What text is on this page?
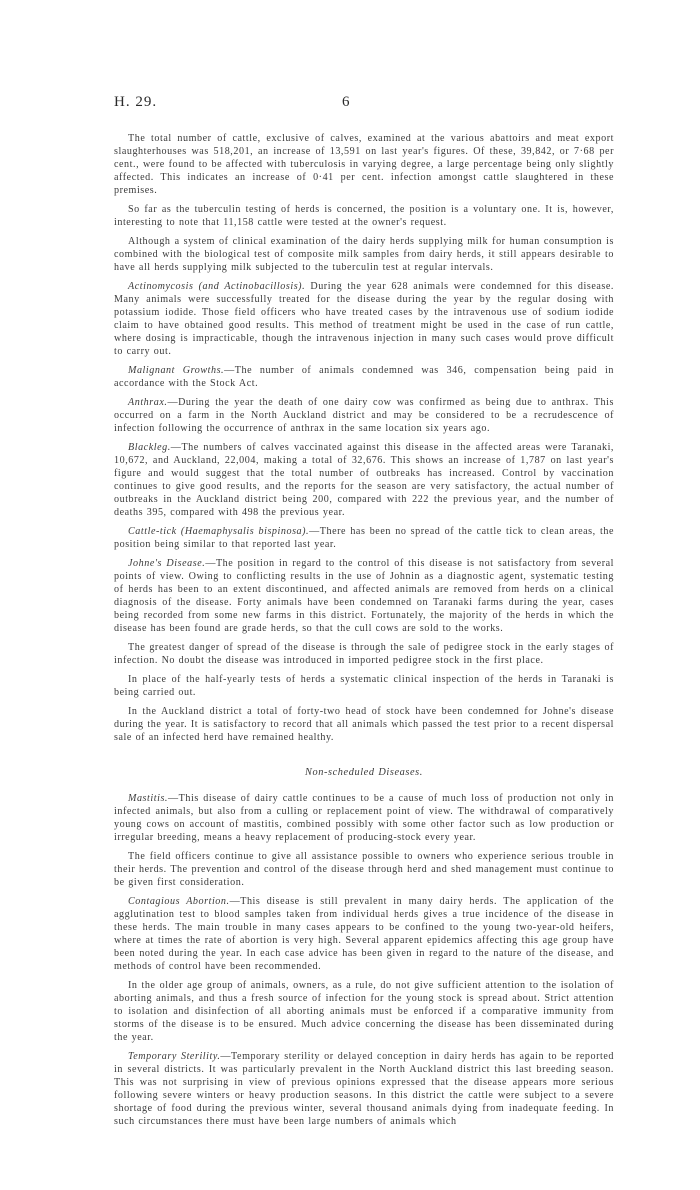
H. 29.	6

The total number of cattle, exclusive of calves, examined at the various abattoirs and meat export slaughterhouses was 518,201, an increase of 13,591 on last year's figures. Of these, 39,842, or 7·68 per cent., were found to be affected with tuberculosis in varying degree, a large percentage being only slightly affected. This indicates an increase of 0·41 per cent. infection amongst cattle slaughtered in these premises.

So far as the tuberculin testing of herds is concerned, the position is a voluntary one. It is, however, interesting to note that 11,158 cattle were tested at the owner's request.

Although a system of clinical examination of the dairy herds supplying milk for human consumption is combined with the biological test of composite milk samples from dairy herds, it still appears desirable to have all herds supplying milk subjected to the tuberculin test at regular intervals.

Actinomycosis (and Actinobacillosis). During the year 628 animals were condemned for this disease. Many animals were successfully treated for the disease during the year by the regular dosing with potassium iodide. Those field officers who have treated cases by the intravenous use of sodium iodide claim to have obtained good results. This method of treatment might be used in the case of run cattle, where dosing is impracticable, though the intravenous injection in many such cases would prove difficult to carry out.

Malignant Growths.—The number of animals condemned was 346, compensation being paid in accordance with the Stock Act.

Anthrax.—During the year the death of one dairy cow was confirmed as being due to anthrax. This occurred on a farm in the North Auckland district and may be considered to be a recrudescence of infection following the occurrence of anthrax in the same location six years ago.

Blackleg.—The numbers of calves vaccinated against this disease in the affected areas were Taranaki, 10,672, and Auckland, 22,004, making a total of 32,676. This shows an increase of 1,787 on last year's figure and would suggest that the total number of outbreaks has increased. Control by vaccination continues to give good results, and the reports for the season are very satisfactory, the actual number of outbreaks in the Auckland district being 200, compared with 222 the previous year, and the number of deaths 395, compared with 498 the previous year.

Cattle-tick (Haemaphysalis bispinosa).—There has been no spread of the cattle tick to clean areas, the position being similar to that reported last year.

Johne's Disease.—The position in regard to the control of this disease is not satisfactory from several points of view. Owing to conflicting results in the use of Johnin as a diagnostic agent, systematic testing of herds has been to an extent discontinued, and affected animals are removed from herds on a clinical diagnosis of the disease. Forty animals have been condemned on Taranaki farms during the year, cases being recorded from some new farms in this district. Fortunately, the majority of the herds in which the disease has been found are grade herds, so that the cull cows are sold to the works.

The greatest danger of spread of the disease is through the sale of pedigree stock in the early stages of infection. No doubt the disease was introduced in imported pedigree stock in the first place.

In place of the half-yearly tests of herds a systematic clinical inspection of the herds in Taranaki is being carried out.

In the Auckland district a total of forty-two head of stock have been condemned for Johne's disease during the year. It is satisfactory to record that all animals which passed the test prior to a recent dispersal sale of an infected herd have remained healthy.

Non-scheduled Diseases.

Mastitis.—This disease of dairy cattle continues to be a cause of much loss of production not only in infected animals, but also from a culling or replacement point of view. The withdrawal of comparatively young cows on account of mastitis, combined possibly with some other factor such as low production or irregular breeding, means a heavy replacement of producing-stock every year.

The field officers continue to give all assistance possible to owners who experience serious trouble in their herds. The prevention and control of the disease through herd and shed management must continue to be given first consideration.

Contagious Abortion.—This disease is still prevalent in many dairy herds. The application of the agglutination test to blood samples taken from individual herds gives a true incidence of the disease in these herds. The main trouble in many cases appears to be confined to the young two-year-old heifers, where at times the rate of abortion is very high. Several apparent epidemics affecting this age group have been noted during the year. In each case advice has been given in regard to the nature of the disease, and methods of control have been recommended.

In the older age group of animals, owners, as a rule, do not give sufficient attention to the isolation of aborting animals, and thus a fresh source of infection for the young stock is spread about. Strict attention to isolation and disinfection of all aborting animals must be enforced if a comparative immunity from storms of the disease is to be ensured. Much advice concerning the disease has been disseminated during the year.

Temporary Sterility.—Temporary sterility or delayed conception in dairy herds has again to be reported in several districts. It was particularly prevalent in the North Auckland district this last breeding season. This was not surprising in view of previous opinions expressed that the disease appears more serious following severe winters or heavy production seasons. In this district the cattle were subject to a severe shortage of food during the previous winter, several thousand animals dying from inadequate feeding. In such circumstances there must have been large numbers of animals which
